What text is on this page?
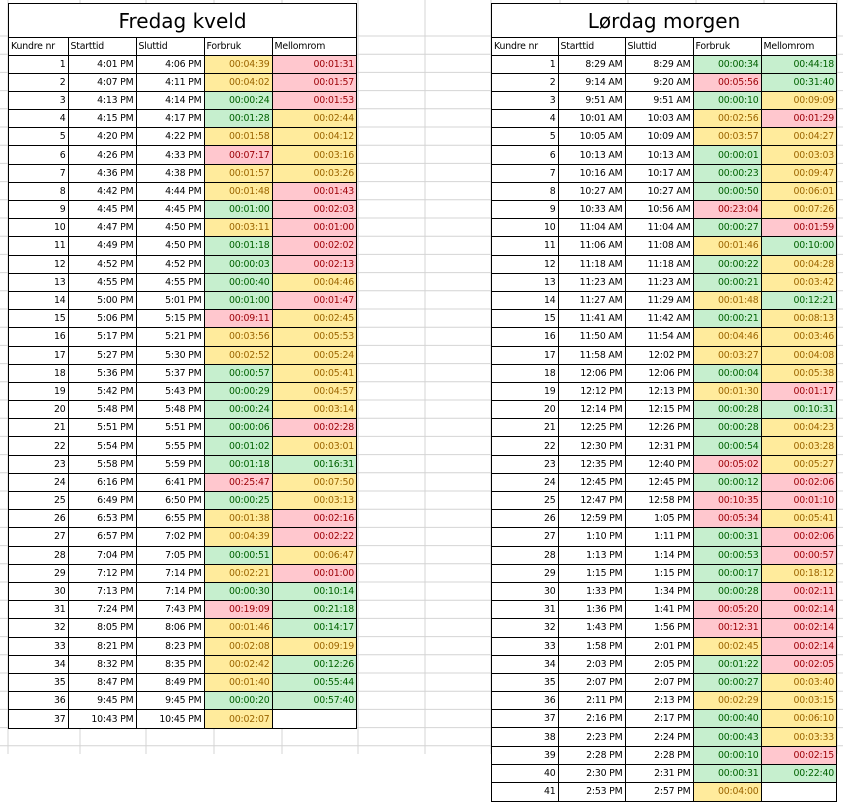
Fredag kveld
Kundre nr	Starttid	Sluttid	Forbruk	Mellomrom
1	4:01 PM	4:06 PM	00:04:39	00:01:31
2	4:07 PM	4:11 PM	00:04:02	00:01:57
3	4:13 PM	4:14 PM	00:00:24	00:01:53
4	4:15 PM	4:17 PM	00:01:28	00:02:44
5	4:20 PM	4:22 PM	00:01:58	00:04:12
6	4:26 PM	4:33 PM	00:07:17	00:03:16
7	4:36 PM	4:38 PM	00:01:57	00:03:26
8	4:42 PM	4:44 PM	00:01:48	00:01:43
9	4:45 PM	4:45 PM	00:01:00	00:02:03
10	4:47 PM	4:50 PM	00:03:11	00:01:00
11	4:49 PM	4:50 PM	00:01:18	00:02:02
12	4:52 PM	4:52 PM	00:00:03	00:02:13
13	4:55 PM	4:55 PM	00:00:40	00:04:46
14	5:00 PM	5:01 PM	00:01:00	00:01:47
15	5:06 PM	5:15 PM	00:09:11	00:02:45
16	5:17 PM	5:21 PM	00:03:56	00:05:53
17	5:27 PM	5:30 PM	00:02:52	00:05:24
18	5:36 PM	5:37 PM	00:00:57	00:05:41
19	5:42 PM	5:43 PM	00:00:29	00:04:57
20	5:48 PM	5:48 PM	00:00:24	00:03:14
21	5:51 PM	5:51 PM	00:00:06	00:02:28
22	5:54 PM	5:55 PM	00:01:02	00:03:01
23	5:58 PM	5:59 PM	00:01:18	00:16:31
24	6:16 PM	6:41 PM	00:25:47	00:07:50
25	6:49 PM	6:50 PM	00:00:25	00:03:13
26	6:53 PM	6:55 PM	00:01:38	00:02:16
27	6:57 PM	7:02 PM	00:04:39	00:02:22
28	7:04 PM	7:05 PM	00:00:51	00:06:47
29	7:12 PM	7:14 PM	00:02:21	00:01:00
30	7:13 PM	7:14 PM	00:00:30	00:10:14
31	7:24 PM	7:43 PM	00:19:09	00:21:18
32	8:05 PM	8:06 PM	00:01:46	00:14:17
33	8:21 PM	8:23 PM	00:02:08	00:09:19
34	8:32 PM	8:35 PM	00:02:42	00:12:26
35	8:47 PM	8:49 PM	00:01:40	00:55:44
36	9:45 PM	9:45 PM	00:00:20	00:57:40
37	10:43 PM	10:45 PM	00:02:07	
Lørdag morgen
Kundre nr	Starttid	Sluttid	Forbruk	Mellomrom
1	8:29 AM	8:29 AM	00:00:34	00:44:18
2	9:14 AM	9:20 AM	00:05:56	00:31:40
3	9:51 AM	9:51 AM	00:00:10	00:09:09
4	10:01 AM	10:03 AM	00:02:56	00:01:29
5	10:05 AM	10:09 AM	00:03:57	00:04:27
6	10:13 AM	10:13 AM	00:00:01	00:03:03
7	10:16 AM	10:17 AM	00:00:23	00:09:47
8	10:27 AM	10:27 AM	00:00:50	00:06:01
9	10:33 AM	10:56 AM	00:23:04	00:07:26
10	11:04 AM	11:04 AM	00:00:27	00:01:59
11	11:06 AM	11:08 AM	00:01:46	00:10:00
12	11:18 AM	11:18 AM	00:00:22	00:04:28
13	11:23 AM	11:23 AM	00:00:21	00:03:42
14	11:27 AM	11:29 AM	00:01:48	00:12:21
15	11:41 AM	11:42 AM	00:00:21	00:08:13
16	11:50 AM	11:54 AM	00:04:46	00:03:46
17	11:58 AM	12:02 PM	00:03:27	00:04:08
18	12:06 PM	12:06 PM	00:00:04	00:05:38
19	12:12 PM	12:13 PM	00:01:30	00:01:17
20	12:14 PM	12:15 PM	00:00:28	00:10:31
21	12:25 PM	12:26 PM	00:00:28	00:04:23
22	12:30 PM	12:31 PM	00:00:54	00:03:28
23	12:35 PM	12:40 PM	00:05:02	00:05:27
24	12:45 PM	12:45 PM	00:00:12	00:02:06
25	12:47 PM	12:58 PM	00:10:35	00:01:10
26	12:59 PM	1:05 PM	00:05:34	00:05:41
27	1:10 PM	1:11 PM	00:00:31	00:02:06
28	1:13 PM	1:14 PM	00:00:53	00:00:57
29	1:15 PM	1:15 PM	00:00:17	00:18:12
30	1:33 PM	1:34 PM	00:00:28	00:02:11
31	1:36 PM	1:41 PM	00:05:20	00:02:14
32	1:43 PM	1:56 PM	00:12:31	00:02:14
33	1:58 PM	2:01 PM	00:02:45	00:02:14
34	2:03 PM	2:05 PM	00:01:22	00:02:05
35	2:07 PM	2:07 PM	00:00:27	00:03:40
36	2:11 PM	2:13 PM	00:02:29	00:03:15
37	2:16 PM	2:17 PM	00:00:40	00:06:10
38	2:23 PM	2:24 PM	00:00:43	00:03:33
39	2:28 PM	2:28 PM	00:00:10	00:02:15
40	2:30 PM	2:31 PM	00:00:31	00:22:40
41	2:53 PM	2:57 PM	00:04:00	
